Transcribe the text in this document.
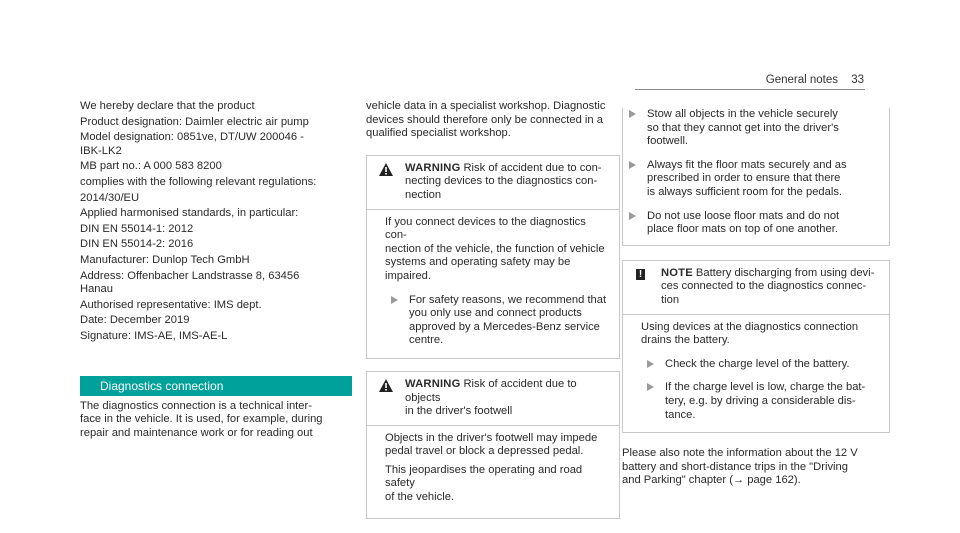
General notes 33
We hereby declare that the product
Product designation: Daimler electric air pump
Model designation: 0851ve, DT/UW 200046 -
IBK-LK2
MB part no.: A 000 583 8200
complies with the following relevant regulations:
2014/30/EU
Applied harmonised standards, in particular:
DIN EN 55014-1: 2012
DIN EN 55014-2: 2016
Manufacturer: Dunlop Tech GmbH
Address: Offenbacher Landstrasse 8, 63456
Hanau
Authorised representative: IMS dept.
Date: December 2019
Signature: IMS-AE, IMS-AE-L
Diagnostics connection
The diagnostics connection is a technical inter-
face in the vehicle. It is used, for example, during
repair and maintenance work or for reading out
vehicle data in a specialist workshop. Diagnostic
devices should therefore only be connected in a
qualified specialist workshop.
WARNING Risk of accident due to con-
necting devices to the diagnostics con-
nection

If you connect devices to the diagnostics con-
nection of the vehicle, the function of vehicle
systems and operating safety may be
impaired.

For safety reasons, we recommend that
you only use and connect products
approved by a Mercedes-Benz service
centre.
WARNING Risk of accident due to objects
in the driver's footwell

Objects in the driver's footwell may impede
pedal travel or block a depressed pedal.

This jeopardises the operating and road safety
of the vehicle.

Stow all objects in the vehicle securely
so that they cannot get into the driver's
footwell.
Always fit the floor mats securely and as
prescribed in order to ensure that there
is always sufficient room for the pedals.
Do not use loose floor mats and do not
place floor mats on top of one another.
! NOTE Battery discharging from using devi-
ces connected to the diagnostics connec-
tion

Using devices at the diagnostics connection
drains the battery.

Check the charge level of the battery.
If the charge level is low, charge the bat-
tery, e.g. by driving a considerable dis-
tance.
Please also note the information about the 12 V
battery and short-distance trips in the "Driving
and Parking" chapter (→ page 162).
